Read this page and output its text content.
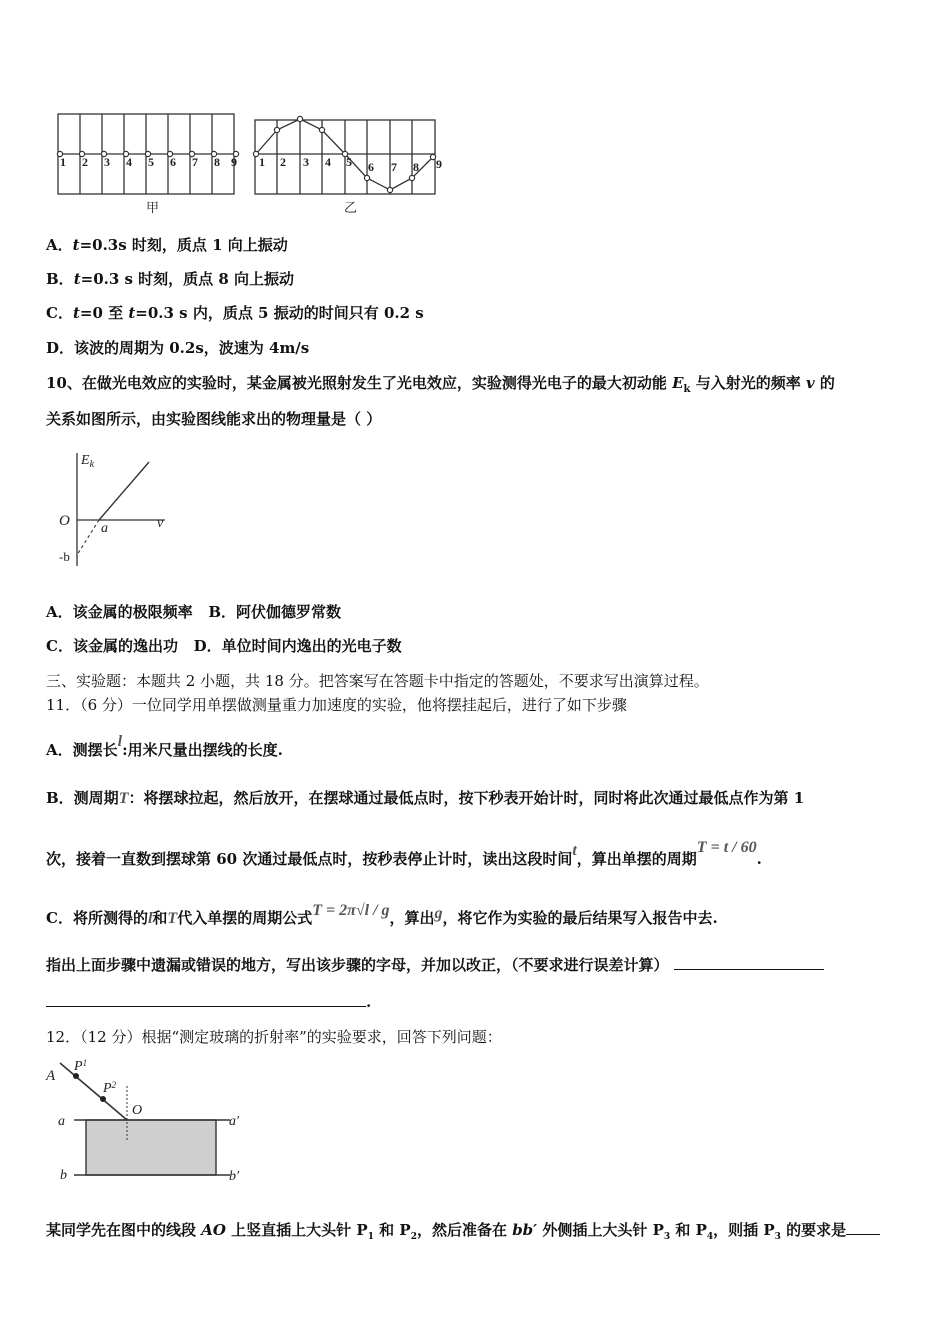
1 2 3 4 5 6 7 8 9
甲
1 2 3 4 5 6 7 8 9
乙
A．t=0.3s 时刻，质点 1 向上振动
B．t=0.3 s 时刻，质点 8 向上振动
C．t=0 至 t=0.3 s 内，质点 5 振动的时间只有 0.2 s
D．该波的周期为 0.2s，波速为 4m/s
10、在做光电效应的实验时，某金属被光照射发生了光电效应，实验测得光电子的最大初动能 $E_k$ 与入射光的频率 v 的
关系如图所示，由实验图线能求出的物理量是（ ）
$E_k$
O	ν
a
-b
A．该金属的极限频率 B．阿伏伽德罗常数
C．该金属的逸出功 D．单位时间内逸出的光电子数
三、实验题：本题共 2 小题，共 18 分。把答案写在答题卡中指定的答题处，不要求写出演算过程。
11．（6 分）一位同学用单摆做测量重力加速度的实验，他将摆挂起后，进行了如下步骤
A．测摆长l:用米尺量出摆线的长度.
B．测周期T：将摆球拉起，然后放开，在摆球通过最低点时，按下秒表开始计时，同时将此次通过最低点作为第 1
次，接着一直数到摆球第 60 次通过最低点时，按秒表停止计时，读出这段时间t，算出单摆的周期T = t / 60.
C．将所测得的l和T代入单摆的周期公式T = 2π√l / g，算出g，将它作为实验的最后结果写入报告中去.
指出上面步骤中遗漏或错误的地方，写出该步骤的字母，并加以改正，（不要求进行误差计算）
.
12．（12 分）根据“测定玻璃的折射率”的实验要求，回答下列问题：
A
$P^1$
$P^2$
O
a	a′
b	b′
某同学先在图中的线段 AO 上竖直插上大头针 $P_1$ 和 $P_2$，然后准备在 bb′ 外侧插上大头针 $P_3$ 和 $P_4$，则插 $P_3$ 的要求是
